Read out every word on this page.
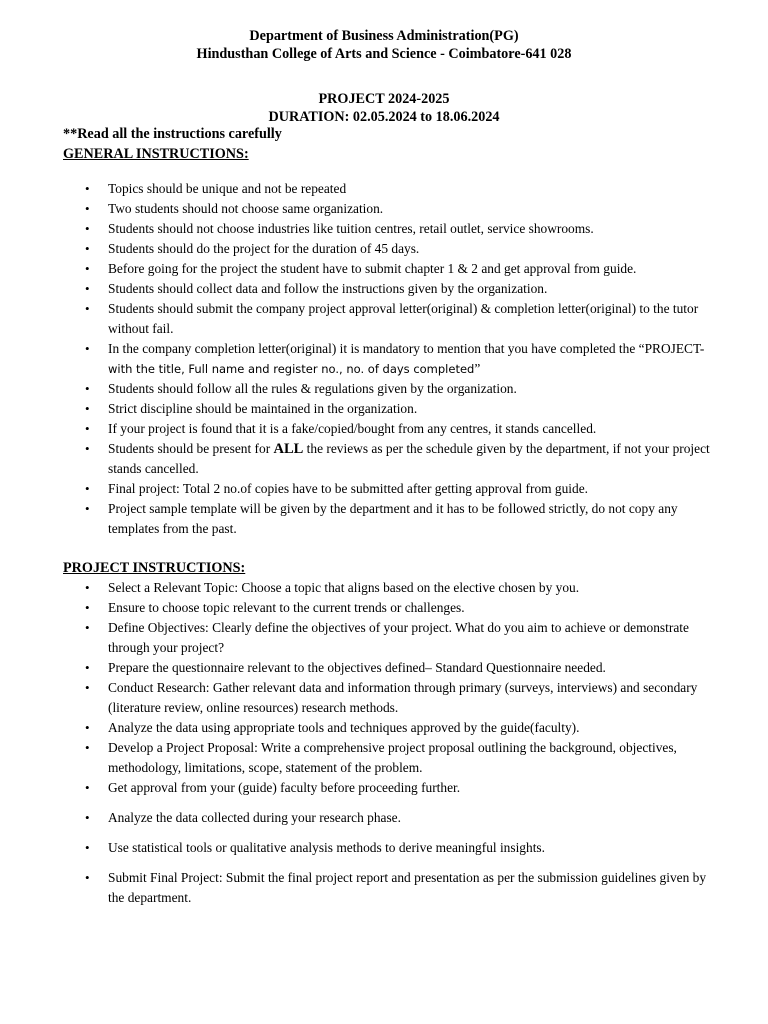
Department of Business Administration(PG)
Hindusthan College of Arts and Science - Coimbatore-641 028
PROJECT 2024-2025
DURATION: 02.05.2024 to 18.06.2024
**Read all the instructions carefully
GENERAL INSTRUCTIONS:
• Topics should be unique and not be repeated
• Two students should not choose same organization.
• Students should not choose industries like tuition centres, retail outlet, service showrooms.
• Students should do the project for the duration of 45 days.
• Before going for the project the student have to submit chapter 1 & 2 and get approval from guide.
• Students should collect data and follow the instructions given by the organization.
• Students should submit the company project approval letter(original) & completion letter(original) to the tutor without fail.
• In the company completion letter(original) it is mandatory to mention that you have completed the “PROJECT- with the title, Full name and register no., no. of days completed”
• Students should follow all the rules & regulations given by the organization.
• Strict discipline should be maintained in the organization.
• If your project is found that it is a fake/copied/bought from any centres, it stands cancelled.
• Students should be present for ALL the reviews as per the schedule given by the department, if not your project stands cancelled.
• Final project: Total 2 no.of copies have to be submitted after getting approval from guide.
• Project sample template will be given by the department and it has to be followed strictly, do not copy any templates from the past.
PROJECT INSTRUCTIONS:
• Select a Relevant Topic: Choose a topic that aligns based on the elective chosen by you.
• Ensure to choose topic relevant to the current trends or challenges.
• Define Objectives: Clearly define the objectives of your project. What do you aim to achieve or demonstrate through your project?
• Prepare the questionnaire relevant to the objectives defined– Standard Questionnaire needed.
• Conduct Research: Gather relevant data and information through primary (surveys, interviews) and secondary (literature review, online resources) research methods.
• Analyze the data using appropriate tools and techniques approved by the guide(faculty).
• Develop a Project Proposal: Write a comprehensive project proposal outlining the background, objectives, methodology, limitations, scope, statement of the problem.
• Get approval from your (guide) faculty before proceeding further.
• Analyze the data collected during your research phase.
• Use statistical tools or qualitative analysis methods to derive meaningful insights.
• Submit Final Project: Submit the final project report and presentation as per the submission guidelines given by the department.
